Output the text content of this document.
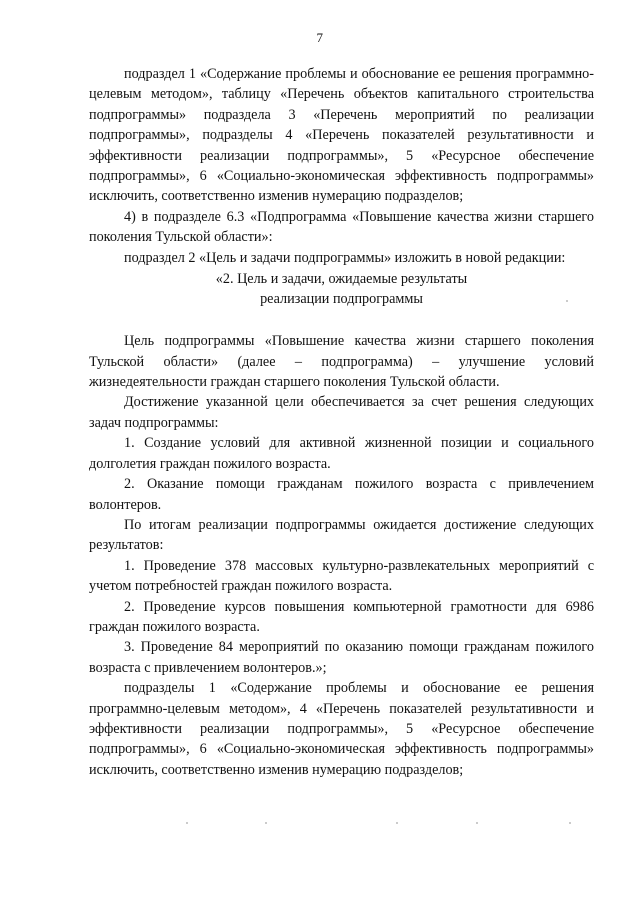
7

подраздел 1 «Содержание проблемы и обоснование ее решения программно-целевым методом», таблицу «Перечень объектов капитального строительства подпрограммы» подраздела 3 «Перечень мероприятий по реализации подпрограммы», подразделы 4 «Перечень показателей результативности и эффективности реализации подпрограммы», 5 «Ресурсное обеспечение подпрограммы», 6 «Социально-экономическая эффективность подпрограммы» исключить, соответственно изменив нумерацию подразделов;

4) в подразделе 6.3 «Подпрограмма «Повышение качества жизни старшего поколения Тульской области»:

подраздел 2 «Цель и задачи подпрограммы» изложить в новой редакции:

«2. Цель и задачи, ожидаемые результаты
реализации подпрограммы

Цель подпрограммы «Повышение качества жизни старшего поколения Тульской области» (далее – подпрограмма) – улучшение условий жизнедеятельности граждан старшего поколения Тульской области.

Достижение указанной цели обеспечивается за счет решения следующих задач подпрограммы:

1. Создание условий для активной жизненной позиции и социального долголетия граждан пожилого возраста.

2. Оказание помощи гражданам пожилого возраста с привлечением волонтеров.

По итогам реализации подпрограммы ожидается достижение следующих результатов:

1. Проведение 378 массовых культурно-развлекательных мероприятий с учетом потребностей граждан пожилого возраста.

2. Проведение курсов повышения компьютерной грамотности для 6986 граждан пожилого возраста.

3. Проведение 84 мероприятий по оказанию помощи гражданам пожилого возраста с привлечением волонтеров.»;

подразделы 1 «Содержание проблемы и обоснование ее решения программно-целевым методом», 4 «Перечень показателей результативности и эффективности реализации подпрограммы», 5 «Ресурсное обеспечение подпрограммы», 6 «Социально-экономическая эффективность подпрограммы» исключить, соответственно изменив нумерацию подразделов;
